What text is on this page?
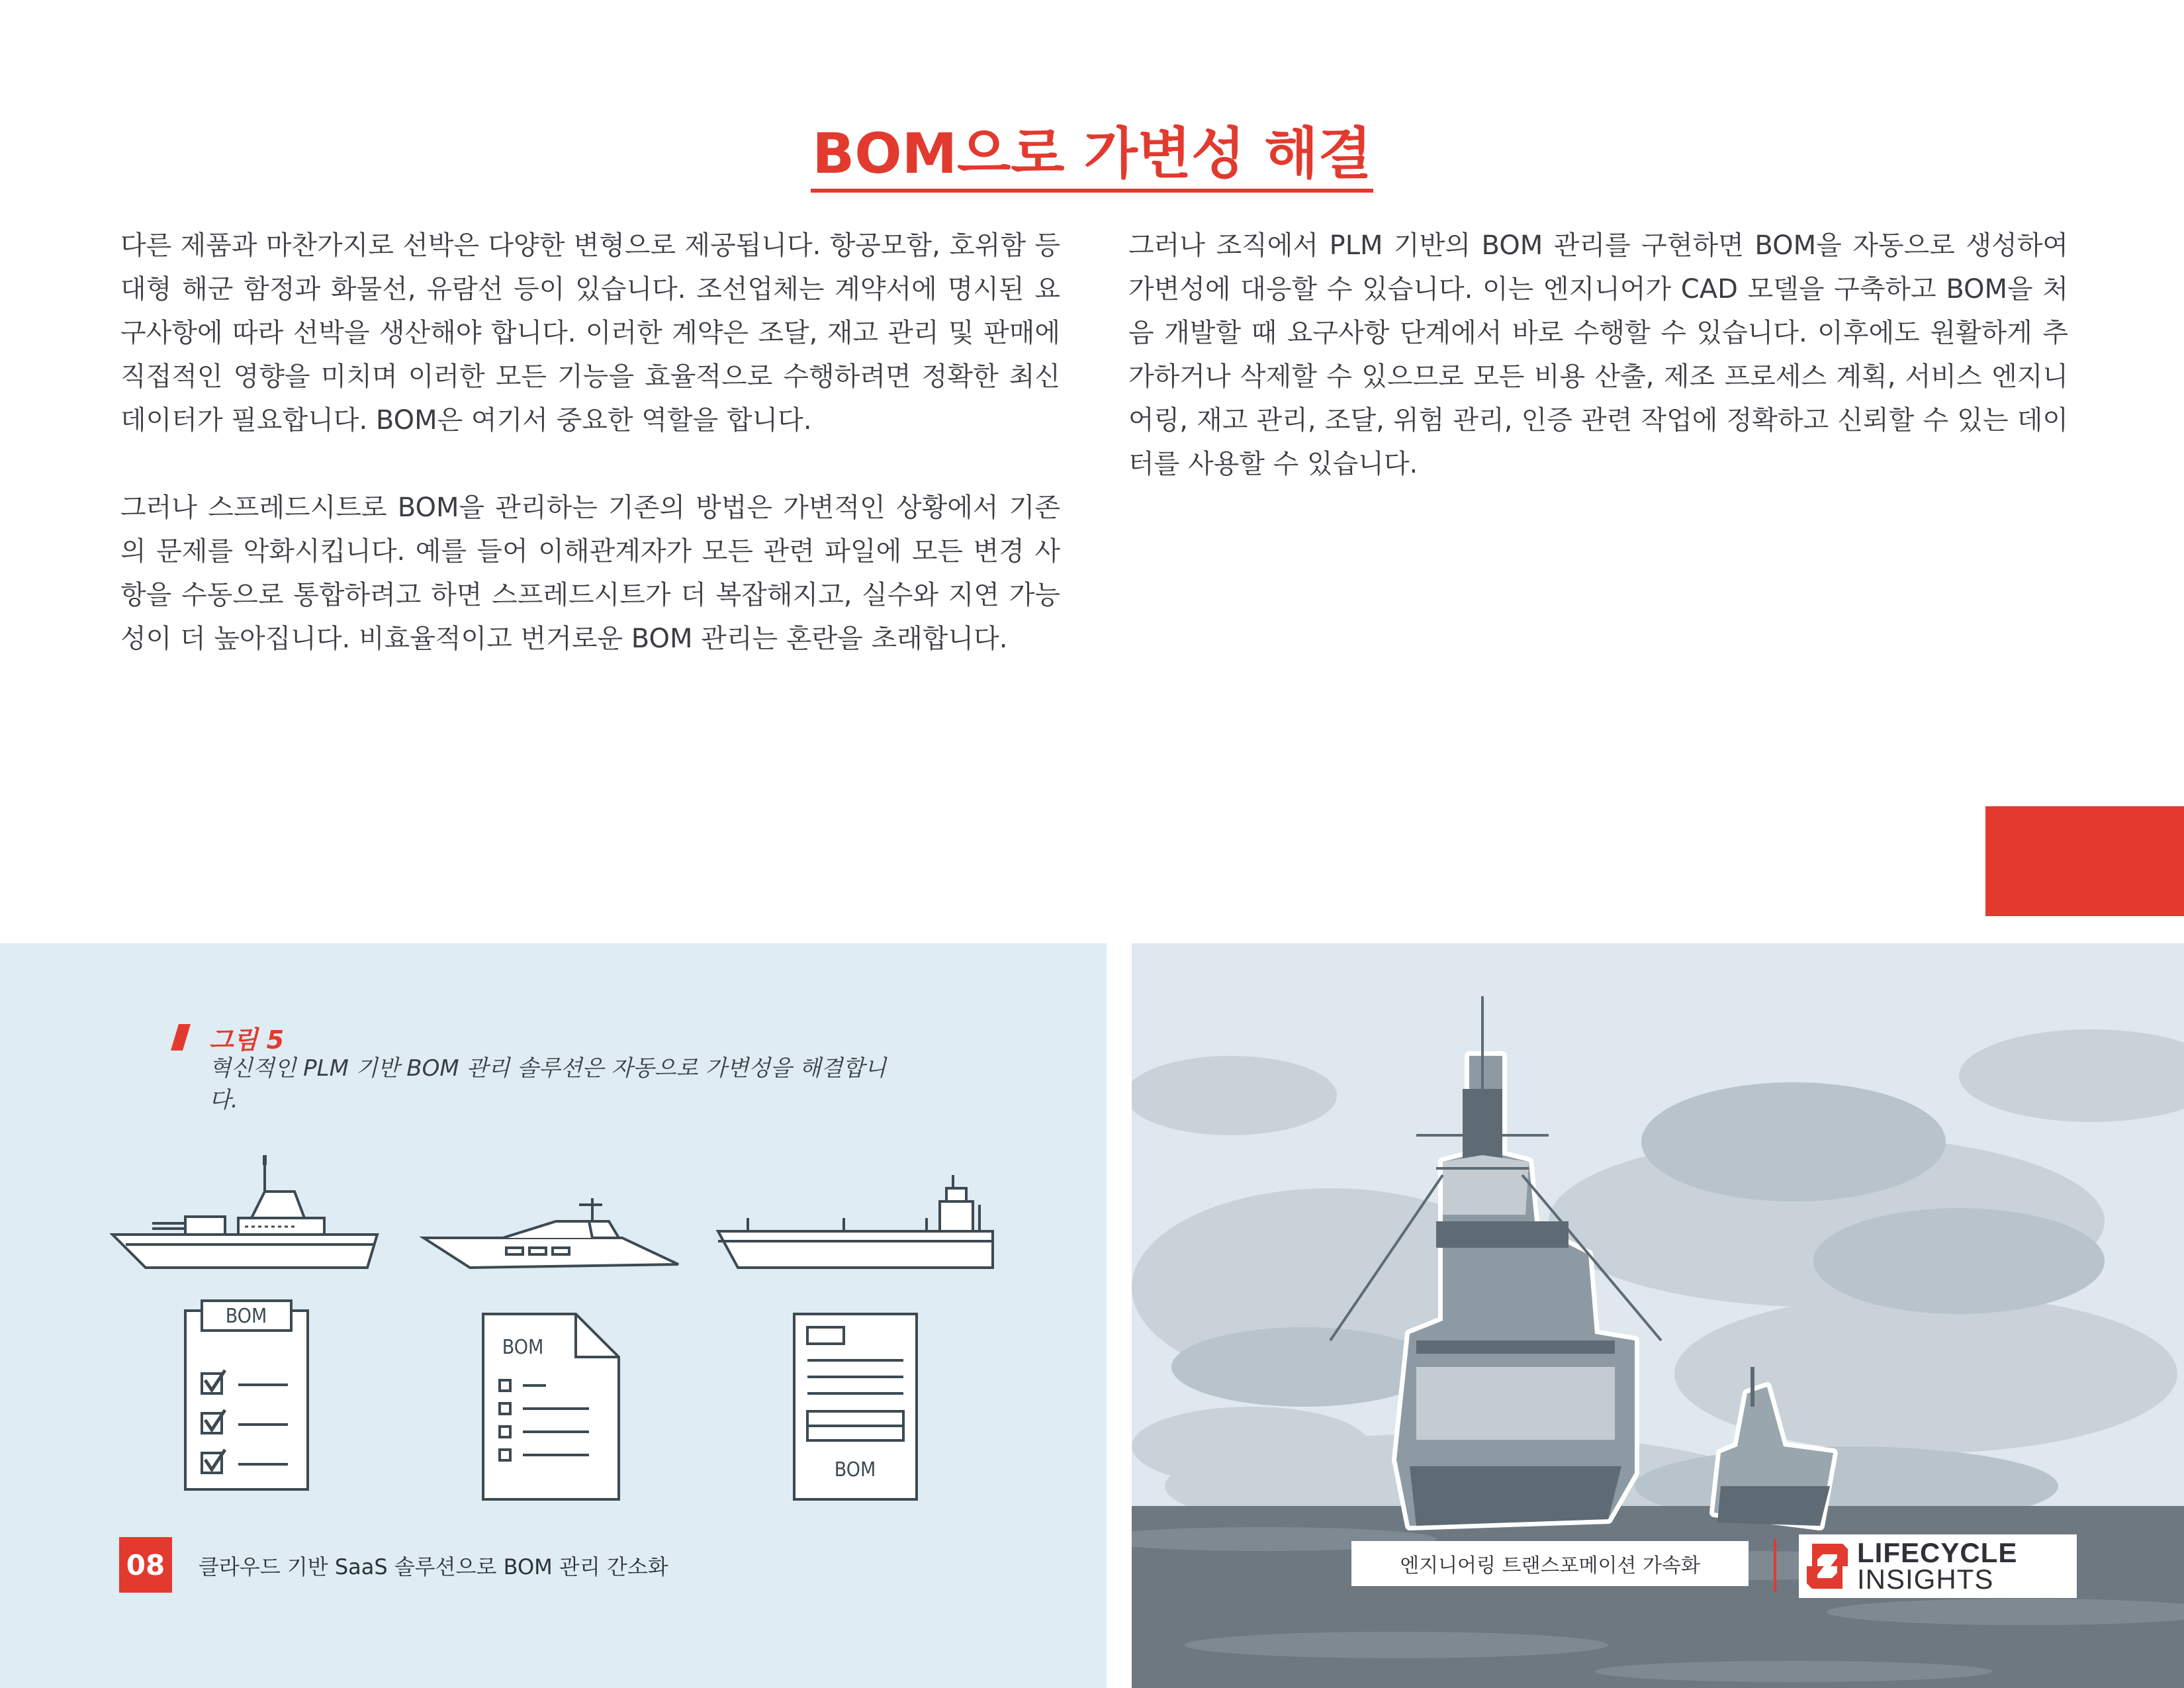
BOM으로 가변성 해결

다른 제품과 마찬가지로 선박은 다양한 변형으로 제공됩니다. 항공모함, 호위함 등 대형 해군 함정과 화물선, 유람선 등이 있습니다. 조선업체는 계약서에 명시된 요구사항에 따라 선박을 생산해야 합니다. 이러한 계약은 조달, 재고 관리 및 판매에 직접적인 영향을 미치며 이러한 모든 기능을 효율적으로 수행하려면 정확한 최신 데이터가 필요합니다. BOM은 여기서 중요한 역할을 합니다.

그러나 스프레드시트로 BOM을 관리하는 기존의 방법은 가변적인 상황에서 기존의 문제를 악화시킵니다. 예를 들어 이해관계자가 모든 관련 파일에 모든 변경 사항을 수동으로 통합하려고 하면 스프레드시트가 더 복잡해지고, 실수와 지연 가능성이 더 높아집니다. 비효율적이고 번거로운 BOM 관리는 혼란을 초래합니다.

그러나 조직에서 PLM 기반의 BOM 관리를 구현하면 BOM을 자동으로 생성하여 가변성에 대응할 수 있습니다. 이는 엔지니어가 CAD 모델을 구축하고 BOM을 처음 개발할 때 요구사항 단계에서 바로 수행할 수 있습니다. 이후에도 원활하게 추가하거나 삭제할 수 있으므로 모든 비용 산출, 제조 프로세스 계획, 서비스 엔지니어링, 재고 관리, 조달, 위험 관리, 인증 관련 작업에 정확하고 신뢰할 수 있는 데이터를 사용할 수 있습니다.

그림 5
혁신적인 PLM 기반 BOM 관리 솔루션은 자동으로 가변성을 해결합니다.
BOM
BOM
BOM
08	클라우드 기반 SaaS 솔루션으로 BOM 관리 간소화	엔지니어링 트랜스포메이션 가속화	LIFECYCLE
INSIGHTS
